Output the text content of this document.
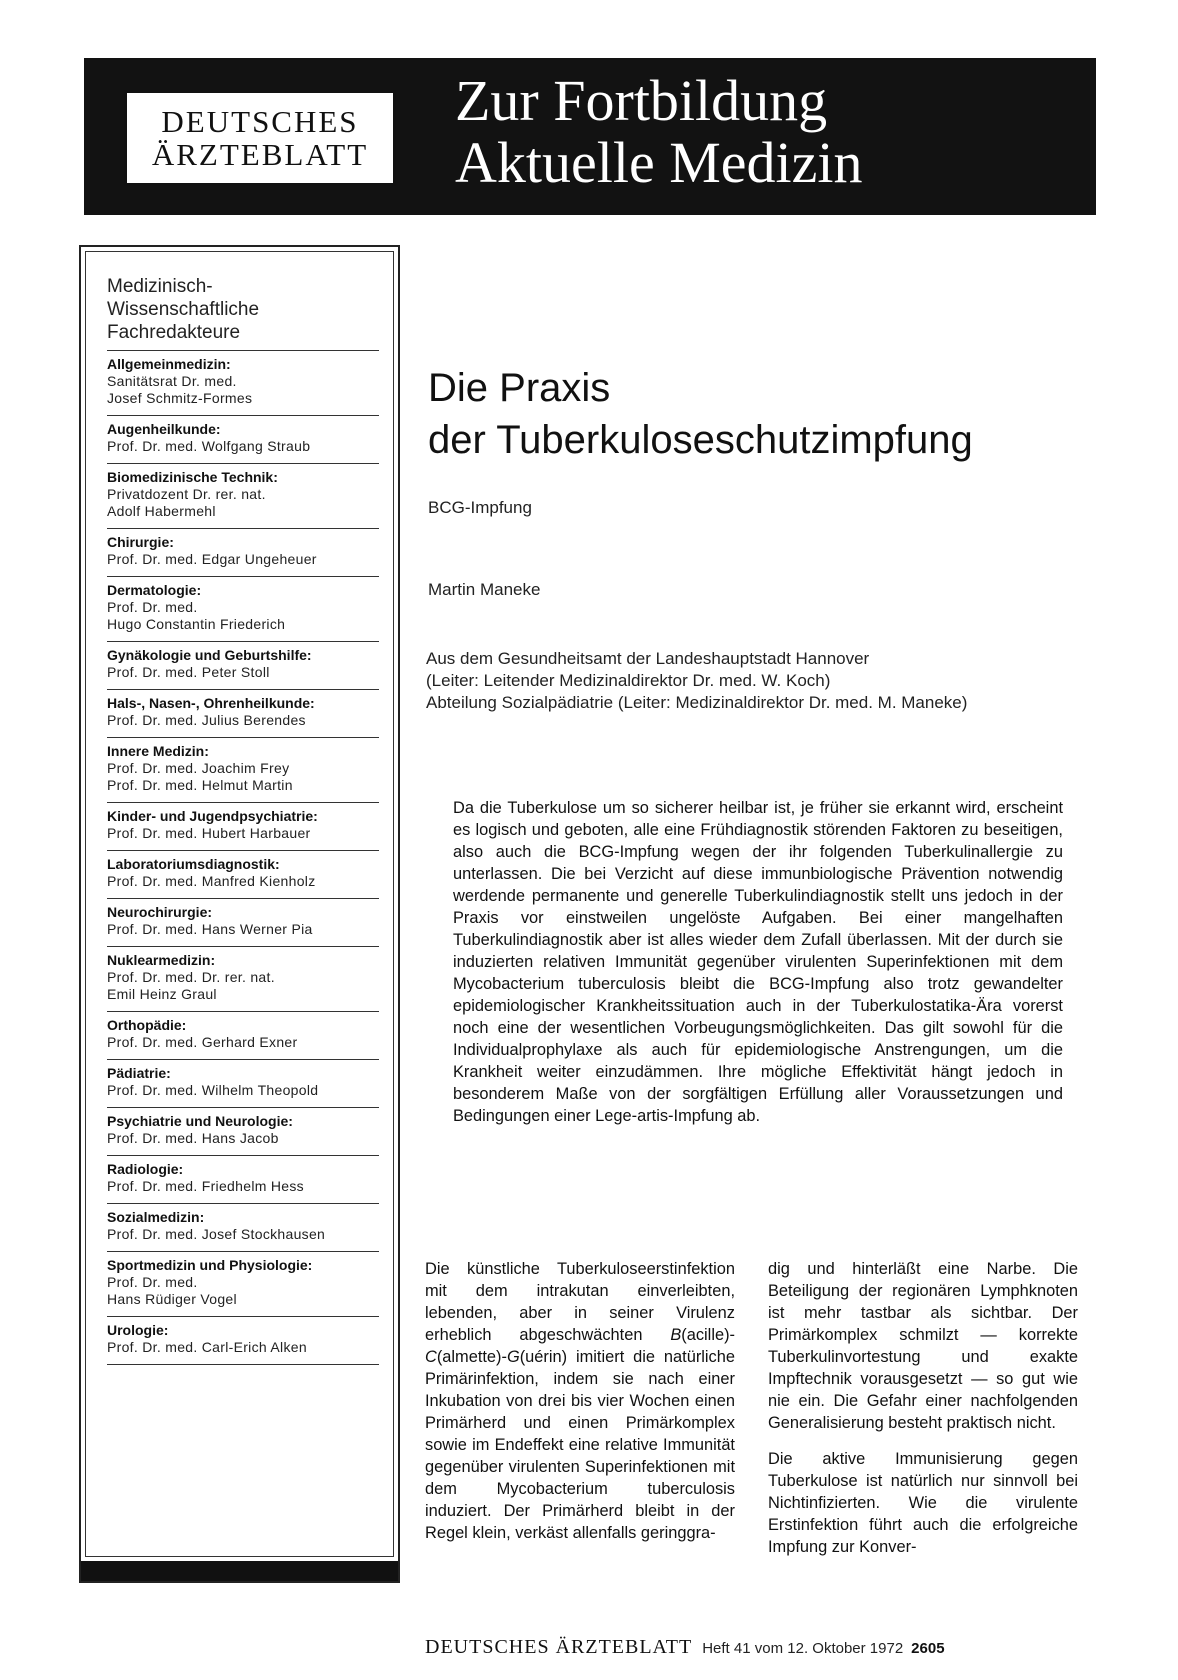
DEUTSCHES
ÄRZTEBLATT
Zur Fortbildung
Aktuelle Medizin
Medizinisch-
Wissenschaftliche
Fachredakteure
Allgemeinmedizin:
Sanitätsrat Dr. med.
Josef Schmitz-Formes
Augenheilkunde:
Prof. Dr. med. Wolfgang Straub
Biomedizinische Technik:
Privatdozent Dr. rer. nat.
Adolf Habermehl
Chirurgie:
Prof. Dr. med. Edgar Ungeheuer
Dermatologie:
Prof. Dr. med.
Hugo Constantin Friederich
Gynäkologie und Geburtshilfe:
Prof. Dr. med. Peter Stoll
Hals-, Nasen-, Ohrenheilkunde:
Prof. Dr. med. Julius Berendes
Innere Medizin:
Prof. Dr. med. Joachim Frey
Prof. Dr. med. Helmut Martin
Kinder- und Jugendpsychiatrie:
Prof. Dr. med. Hubert Harbauer
Laboratoriumsdiagnostik:
Prof. Dr. med. Manfred Kienholz
Neurochirurgie:
Prof. Dr. med. Hans Werner Pia
Nuklearmedizin:
Prof. Dr. med. Dr. rer. nat.
Emil Heinz Graul
Orthopädie:
Prof. Dr. med. Gerhard Exner
Pädiatrie:
Prof. Dr. med. Wilhelm Theopold
Psychiatrie und Neurologie:
Prof. Dr. med. Hans Jacob
Radiologie:
Prof. Dr. med. Friedhelm Hess
Sozialmedizin:
Prof. Dr. med. Josef Stockhausen
Sportmedizin und Physiologie:
Prof. Dr. med.
Hans Rüdiger Vogel
Urologie:
Prof. Dr. med. Carl-Erich Alken
Die Praxis
der Tuberkuloseschutzimpfung
BCG-Impfung
Martin Maneke
Aus dem Gesundheitsamt der Landeshauptstadt Hannover
(Leiter: Leitender Medizinaldirektor Dr. med. W. Koch)
Abteilung Sozialpädiatrie (Leiter: Medizinaldirektor Dr. med. M. Maneke)

Da die Tuberkulose um so sicherer heilbar ist, je früher sie erkannt wird, erscheint es logisch und geboten, alle eine Frühdiagnostik störenden Faktoren zu beseitigen, also auch die BCG-Impfung wegen der ihr folgenden Tuberkulinallergie zu unterlassen. Die bei Verzicht auf diese immunbiologische Prävention notwendig werdende permanente und generelle Tuberkulindiagnostik stellt uns jedoch in der Praxis vor einstweilen ungelöste Aufgaben. Bei einer mangelhaften Tuberkulindiagnostik aber ist alles wieder dem Zufall überlassen. Mit der durch sie induzierten relativen Immunität gegenüber virulenten Superinfektionen mit dem Mycobacterium tuberculosis bleibt die BCG-Impfung also trotz gewandelter epidemiologischer Krankheitssituation auch in der Tuberkulostatika-Ära vorerst noch eine der wesentlichen Vorbeugungsmöglichkeiten. Das gilt sowohl für die Individualprophylaxe als auch für epidemiologische Anstrengungen, um die Krankheit weiter einzudämmen. Ihre mögliche Effektivität hängt jedoch in besonderem Maße von der sorgfältigen Erfüllung aller Voraussetzungen und Bedingungen einer Lege-artis-Impfung ab.

Die künstliche Tuberkuloseerstinfektion mit dem intrakutan einverleibten, lebenden, aber in seiner Virulenz erheblich abgeschwächten B(acille)-C(almette)-G(uérin) imitiert die natürliche Primärinfektion, indem sie nach einer Inkubation von drei bis vier Wochen einen Primärherd und einen Primärkomplex sowie im Endeffekt eine relative Immunität gegenüber virulenten Superinfektionen mit dem Mycobacterium tuberculosis induziert. Der Primärherd bleibt in der Regel klein, verkäst allenfalls geringgra-

dig und hinterläßt eine Narbe. Die Beteiligung der regionären Lymphknoten ist mehr tastbar als sichtbar. Der Primärkomplex schmilzt — korrekte Tuberkulinvortestung und exakte Impftechnik vorausgesetzt — so gut wie nie ein. Die Gefahr einer nachfolgenden Generalisierung besteht praktisch nicht.

Die aktive Immunisierung gegen Tuberkulose ist natürlich nur sinnvoll bei Nichtinfizierten. Wie die virulente Erstinfektion führt auch die erfolgreiche Impfung zur Konver-

DEUTSCHES ÄRZTEBLATT Heft 41 vom 12. Oktober 1972 2605
